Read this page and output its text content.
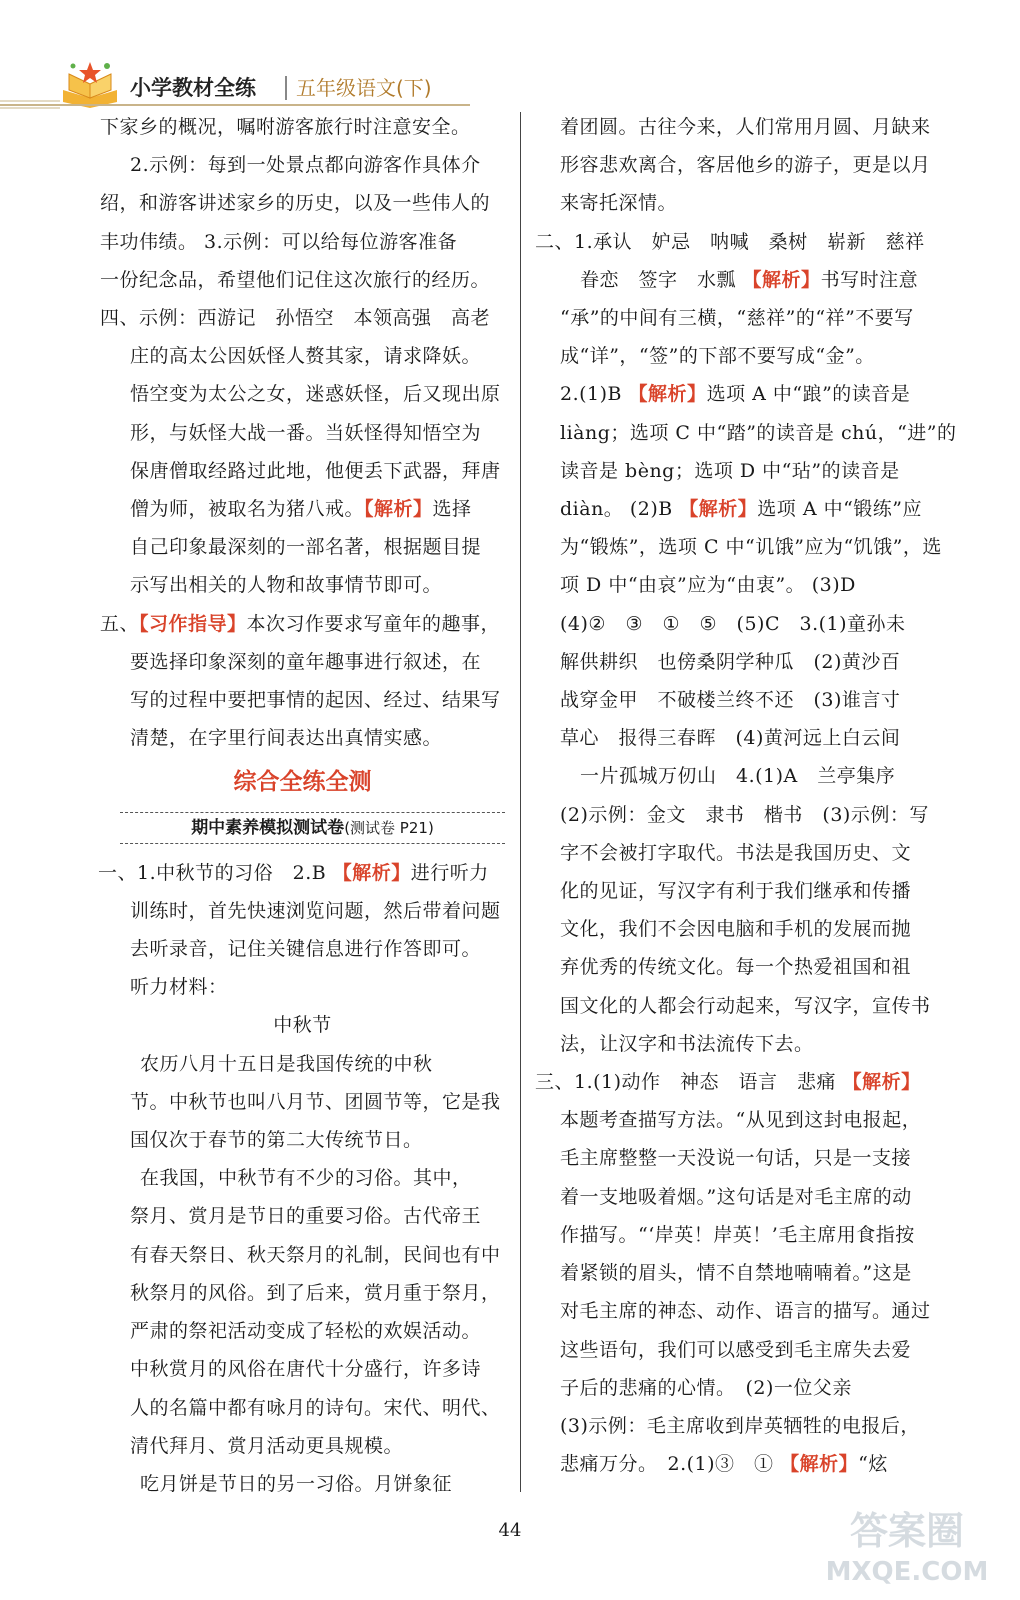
小学教材全练 五年级语文(下)
下家乡的概况，嘱咐游客旅行时注意安全。
2.示例：每到一处景点都向游客作具体介
绍，和游客讲述家乡的历史，以及一些伟人的
丰功伟绩。 3.示例：可以给每位游客准备
一份纪念品，希望他们记住这次旅行的经历。
四、示例：西游记　孙悟空　本领高强　高老
庄的高太公因妖怪人赘其家，请求降妖。
悟空变为太公之女，迷惑妖怪，后又现出原
形，与妖怪大战一番。当妖怪得知悟空为
保唐僧取经路过此地，他便丢下武器，拜唐
僧为师，被取名为猪八戒。【解析】选择
自己印象最深刻的一部名著，根据题目提
示写出相关的人物和故事情节即可。
五、【习作指导】本次习作要求写童年的趣事，
要选择印象深刻的童年趣事进行叙述，在
写的过程中要把事情的起因、经过、结果写
清楚，在字里行间表达出真情实感。
综合全练全测
期中素养模拟测试卷(测试卷 P21)
一、1.中秋节的习俗　2.B 【解析】进行听力
训练时，首先快速浏览问题，然后带着问题
去听录音，记住关键信息进行作答即可。
听力材料：
中秋节
农历八月十五日是我国传统的中秋
节。中秋节也叫八月节、团圆节等，它是我
国仅次于春节的第二大传统节日。
在我国，中秋节有不少的习俗。其中，
祭月、赏月是节日的重要习俗。古代帝王
有春天祭日、秋天祭月的礼制，民间也有中
秋祭月的风俗。到了后来，赏月重于祭月，
严肃的祭祀活动变成了轻松的欢娱活动。
中秋赏月的风俗在唐代十分盛行，许多诗
人的名篇中都有咏月的诗句。宋代、明代、
清代拜月、赏月活动更具规模。
吃月饼是节日的另一习俗。月饼象征
着团圆。古往今来，人们常用月圆、月缺来
形容悲欢离合，客居他乡的游子，更是以月
来寄托深情。
二、1.承认　妒忌　呐喊　桑树　崭新　慈祥
眷恋　签字　水瓢 【解析】书写时注意
“承”的中间有三横，“慈祥”的“祥”不要写
成“详”，“签”的下部不要写成“金”。
2.(1)B 【解析】选项 A 中“踉”的读音是
liàng；选项 C 中“踏”的读音是 chú，“进”的
读音是 bèng；选项 D 中“玷”的读音是
diàn。 (2)B 【解析】选项 A 中“锻练”应
为“锻炼”，选项 C 中“讥饿”应为“饥饿”，选
项 D 中“由哀”应为“由衷”。 (3)D
(4)②　③　①　⑤　(5)C　3.(1)童孙未
解供耕织　也傍桑阴学种瓜　(2)黄沙百
战穿金甲　不破楼兰终不还　(3)谁言寸
草心　报得三春晖　(4)黄河远上白云间
一片孤城万仞山　4.(1)A　兰亭集序
(2)示例：金文　隶书　楷书　(3)示例：写
字不会被打字取代。书法是我国历史、文
化的见证，写汉字有利于我们继承和传播
文化，我们不会因电脑和手机的发展而抛
弃优秀的传统文化。每一个热爱祖国和祖
国文化的人都会行动起来，写汉字，宣传书
法，让汉字和书法流传下去。
三、1.(1)动作　神态　语言　悲痛 【解析】
本题考查描写方法。“从见到这封电报起，
毛主席整整一天没说一句话，只是一支接
着一支地吸着烟。”这句话是对毛主席的动
作描写。“‘岸英！岸英！’毛主席用食指按
着紧锁的眉头，情不自禁地喃喃着。”这是
对毛主席的神态、动作、语言的描写。通过
这些语句，我们可以感受到毛主席失去爱
子后的悲痛的心情。　(2)一位父亲
(3)示例：毛主席收到岸英牺牲的电报后，
悲痛万分。　2.(1)③　① 【解析】“炫
44	答案圈
MXQE.COM
